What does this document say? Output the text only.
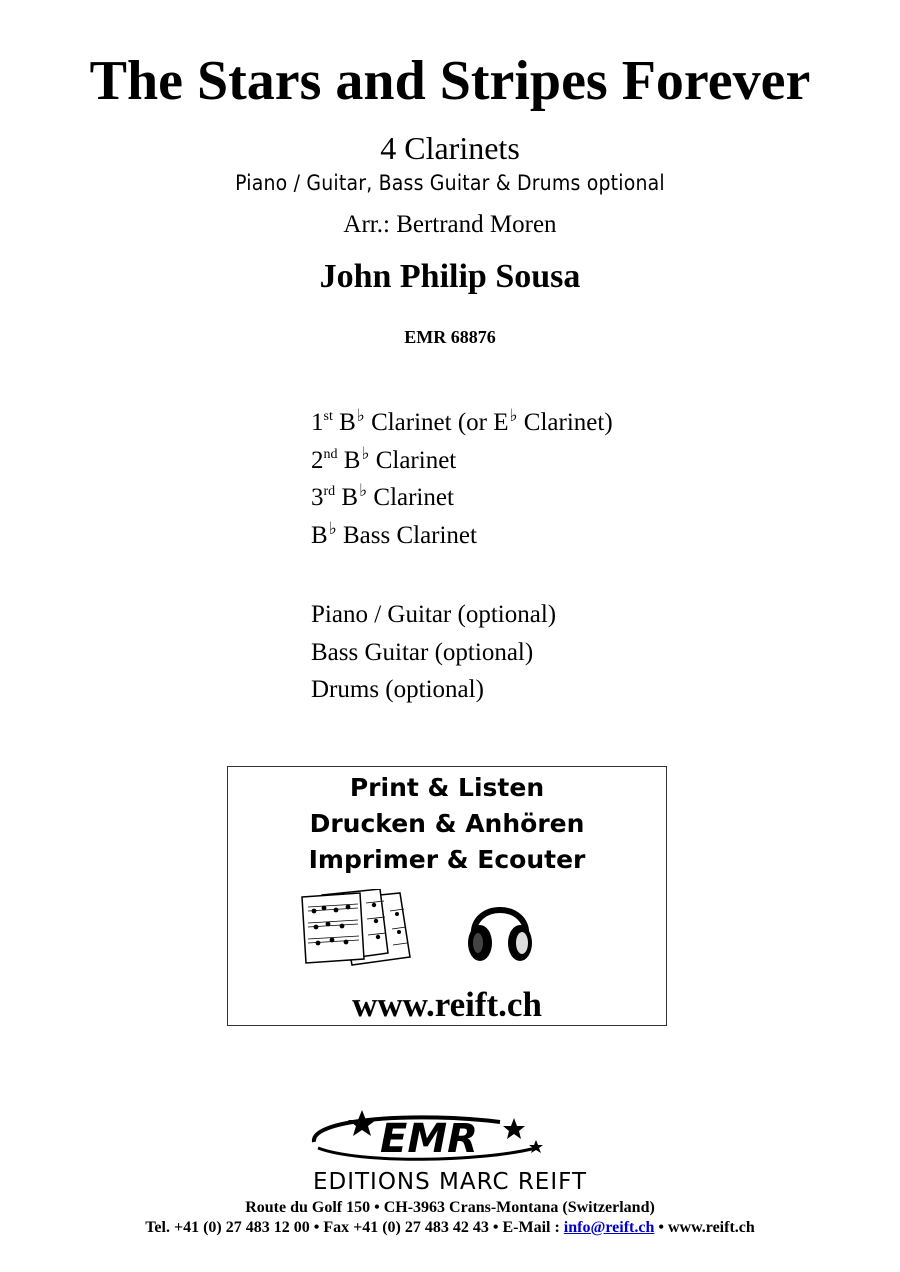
The Stars and Stripes Forever
4 Clarinets
Piano / Guitar, Bass Guitar & Drums optional
Arr.: Bertrand Moren
John Philip Sousa
EMR 68876
1st B♭ Clarinet (or E♭ Clarinet)
2nd B♭ Clarinet
3rd B♭ Clarinet
B♭ Bass Clarinet
Piano / Guitar (optional)
Bass Guitar (optional)
Drums (optional)
Print & Listen
Drucken & Anhören
Imprimer & Ecouter
www.reift.ch
EMR
EDITIONS MARC REIFT
Route du Golf 150 • CH-3963 Crans-Montana (Switzerland)
Tel. +41 (0) 27 483 12 00 • Fax +41 (0) 27 483 42 43 • E-Mail : info@reift.ch • www.reift.ch
